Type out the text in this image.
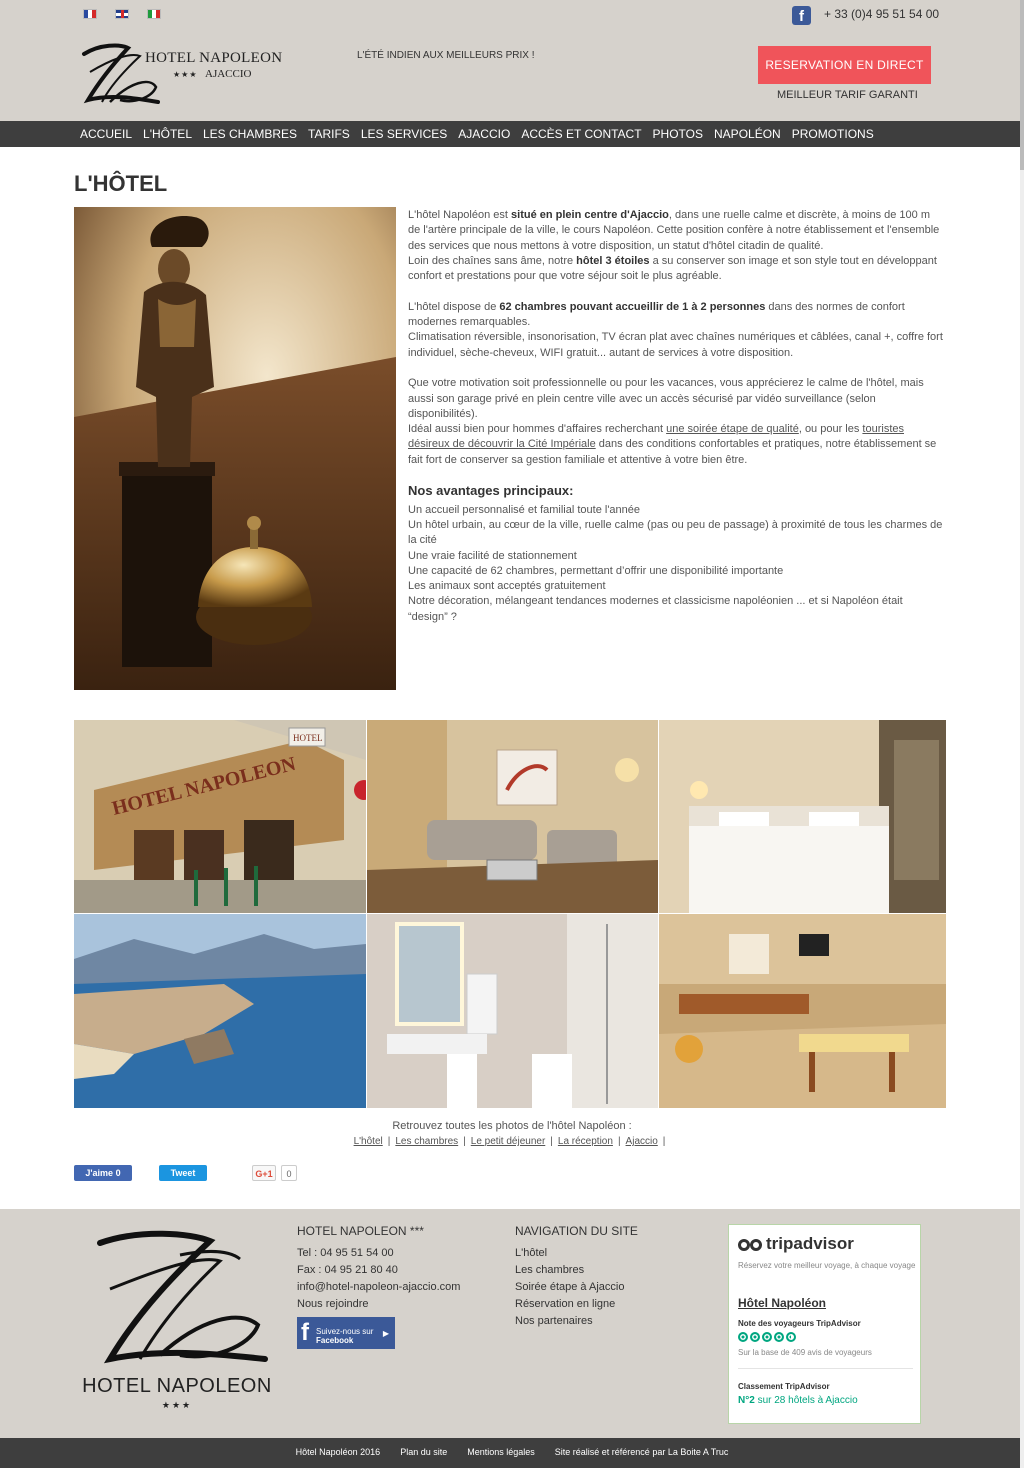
f	+ 33 (0)4 95 51 54 00
HOTEL NAPOLEON
★★★ AJACCIO
L'ÉTÉ INDIEN AUX MEILLEURS PRIX !
RESERVATION EN DIRECT
MEILLEUR TARIF GARANTI
ACCUEIL L'HÔTEL LES CHAMBRES TARIFS LES SERVICES AJACCIO ACCÈS ET CONTACT PHOTOS NAPOLÉON PROMOTIONS
L'HÔTEL

L'hôtel Napoléon est situé en plein centre d'Ajaccio, dans une ruelle calme et discrète, à moins de 100 m de l'artère principale de la ville, le cours Napoléon. Cette position confère à notre établissement et l'ensemble des services que nous mettons à votre disposition, un statut d'hôtel citadin de qualité.
Loin des chaînes sans âme, notre hôtel 3 étoiles a su conserver son image et son style tout en développant confort et prestations pour que votre séjour soit le plus agréable.

L'hôtel dispose de 62 chambres pouvant accueillir de 1 à 2 personnes dans des normes de confort modernes remarquables.
Climatisation réversible, insonorisation, TV écran plat avec chaînes numériques et câblées, canal +, coffre fort individuel, sèche-cheveux, WIFI gratuit... autant de services à votre disposition.

Que votre motivation soit professionnelle ou pour les vacances, vous apprécierez le calme de l'hôtel, mais aussi son garage privé en plein centre ville avec un accès sécurisé par vidéo surveillance (selon disponibilités).
Idéal aussi bien pour hommes d'affaires recherchant une soirée étape de qualité, ou pour les touristes désireux de découvrir la Cité Impériale dans des conditions confortables et pratiques, notre établissement se fait fort de conserver sa gestion familiale et attentive à votre bien être.

Nos avantages principaux:
Un accueil personnalisé et familial toute l'année
Un hôtel urbain, au cœur de la ville, ruelle calme (pas ou peu de passage) à proximité de tous les charmes de la cité
Une vraie facilité de stationnement
Une capacité de 62 chambres, permettant d’offrir une disponibilité importante
Les animaux sont acceptés gratuitement
Notre décoration, mélangeant tendances modernes et classicisme napoléonien ... et si Napoléon était “design” ?
HOTEL NAPOLEON
HOTEL
Retrouvez toutes les photos de l'hôtel Napoléon :
L'hôtel | Les chambres | Le petit déjeuner | La réception | Ajaccio |
J'aime 0	Tweet	G+1	0
HOTEL NAPOLEON
★★★
HOTEL NAPOLEON ***
Tel : 04 95 51 54 00
Fax : 04 95 21 80 40
info@hotel-napoleon-ajaccio.com
Nous rejoindre
f Suivez-nous sur
Facebook
▶
NAVIGATION DU SITE
L'hôtel
Les chambres
Soirée étape à Ajaccio
Réservation en ligne
Nos partenaires
tripadvisor
Réservez votre meilleur voyage, à chaque voyage
Hôtel Napoléon
Note des voyageurs TripAdvisor
Sur la base de 409 avis de voyageurs
Classement TripAdvisor
N°2 sur 28 hôtels à Ajaccio
Hôtel Napoléon 2016 Plan du site Mentions légales Site réalisé et référencé par La Boite A Truc
